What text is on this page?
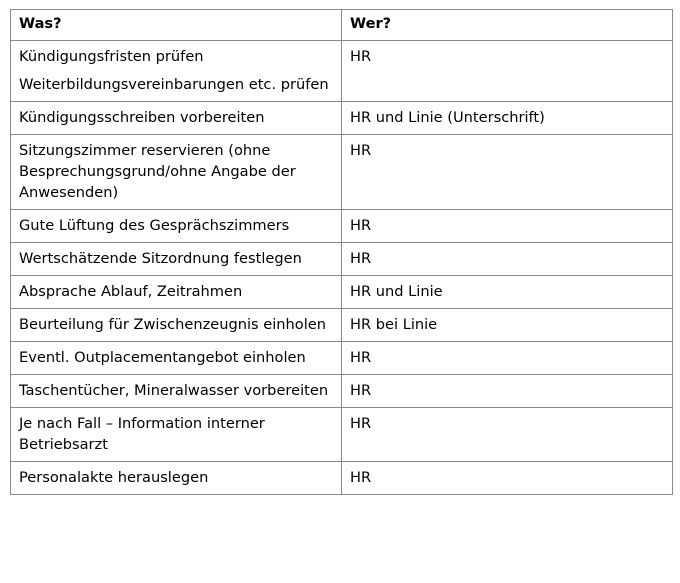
Was?	Wer?

Kündigungsfristen prüfen
Weiterbildungsvereinbarungen etc. prüfen	HR

Kündigungsschreiben vorbereiten	HR und Linie (Unterschrift)

Sitzungszimmer reservieren (ohne Besprechungsgrund/ohne Angabe der Anwesenden)	HR

Gute Lüftung des Gesprächszimmers	HR

Wertschätzende Sitzordnung festlegen	HR

Absprache Ablauf, Zeitrahmen	HR und Linie

Beurteilung für Zwischenzeugnis einholen	HR bei Linie

Eventl. Outplacementangebot einholen	HR

Taschentücher, Mineralwasser vorbereiten	HR

Je nach Fall – Information interner Betriebsarzt	HR

Personalakte herauslegen	HR
